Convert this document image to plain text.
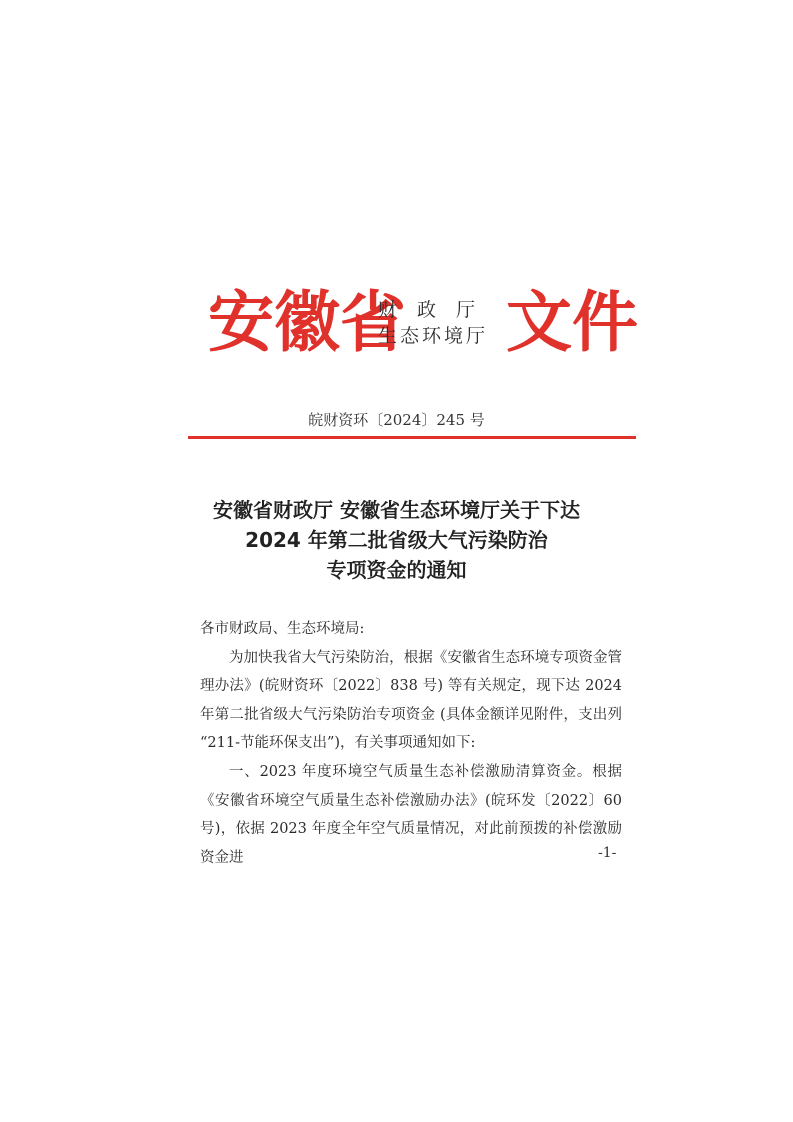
安徽省
财政厅
生态环境厅 文件
皖财资环〔2024〕245 号
安徽省财政厅 安徽省生态环境厅关于下达
2024 年第二批省级大气污染防治
专项资金的通知

各市财政局、生态环境局:

为加快我省大气污染防治，根据《安徽省生态环境专项资金管理办法》(皖财资环〔2022〕838 号) 等有关规定，现下达 2024 年第二批省级大气污染防治专项资金 (具体金额详见附件，支出列 “211-节能环保支出”)，有关事项通知如下:

一、2023 年度环境空气质量生态补偿激励清算资金。根据《安徽省环境空气质量生态补偿激励办法》(皖环发〔2022〕60 号)，依据 2023 年度全年空气质量情况，对此前预拨的补偿激励资金进	-1-
